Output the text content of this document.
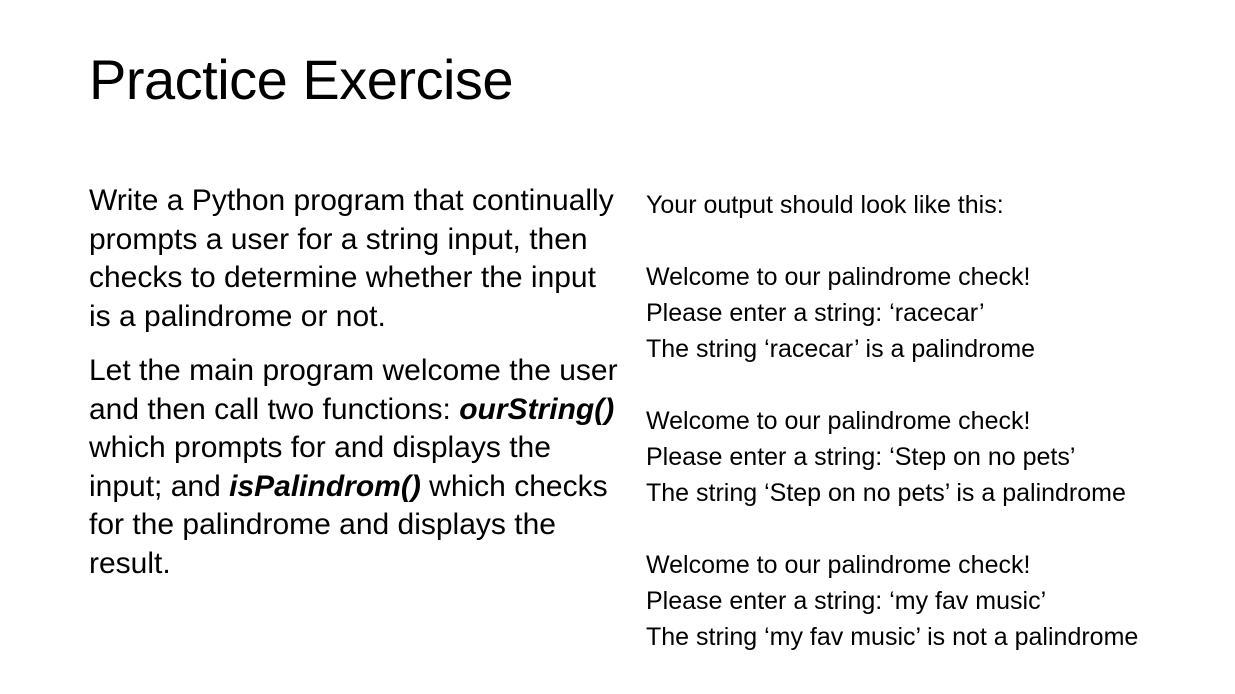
Practice Exercise

Write a Python program that continually prompts a user for a string input, then checks to determine whether the input is a palindrome or not.

Let the main program welcome the user and then call two functions: ourString() which prompts for and displays the input; and isPalindrom() which checks for the palindrome and displays the result.

Your output should look like this:

Welcome to our palindrome check!
Please enter a string: ‘racecar’
The string ‘racecar’ is a palindrome
Welcome to our palindrome check!
Please enter a string: ‘Step on no pets’
The string ‘Step on no pets’ is a palindrome
Welcome to our palindrome check!
Please enter a string: ‘my fav music’
The string ‘my fav music’ is not a palindrome
